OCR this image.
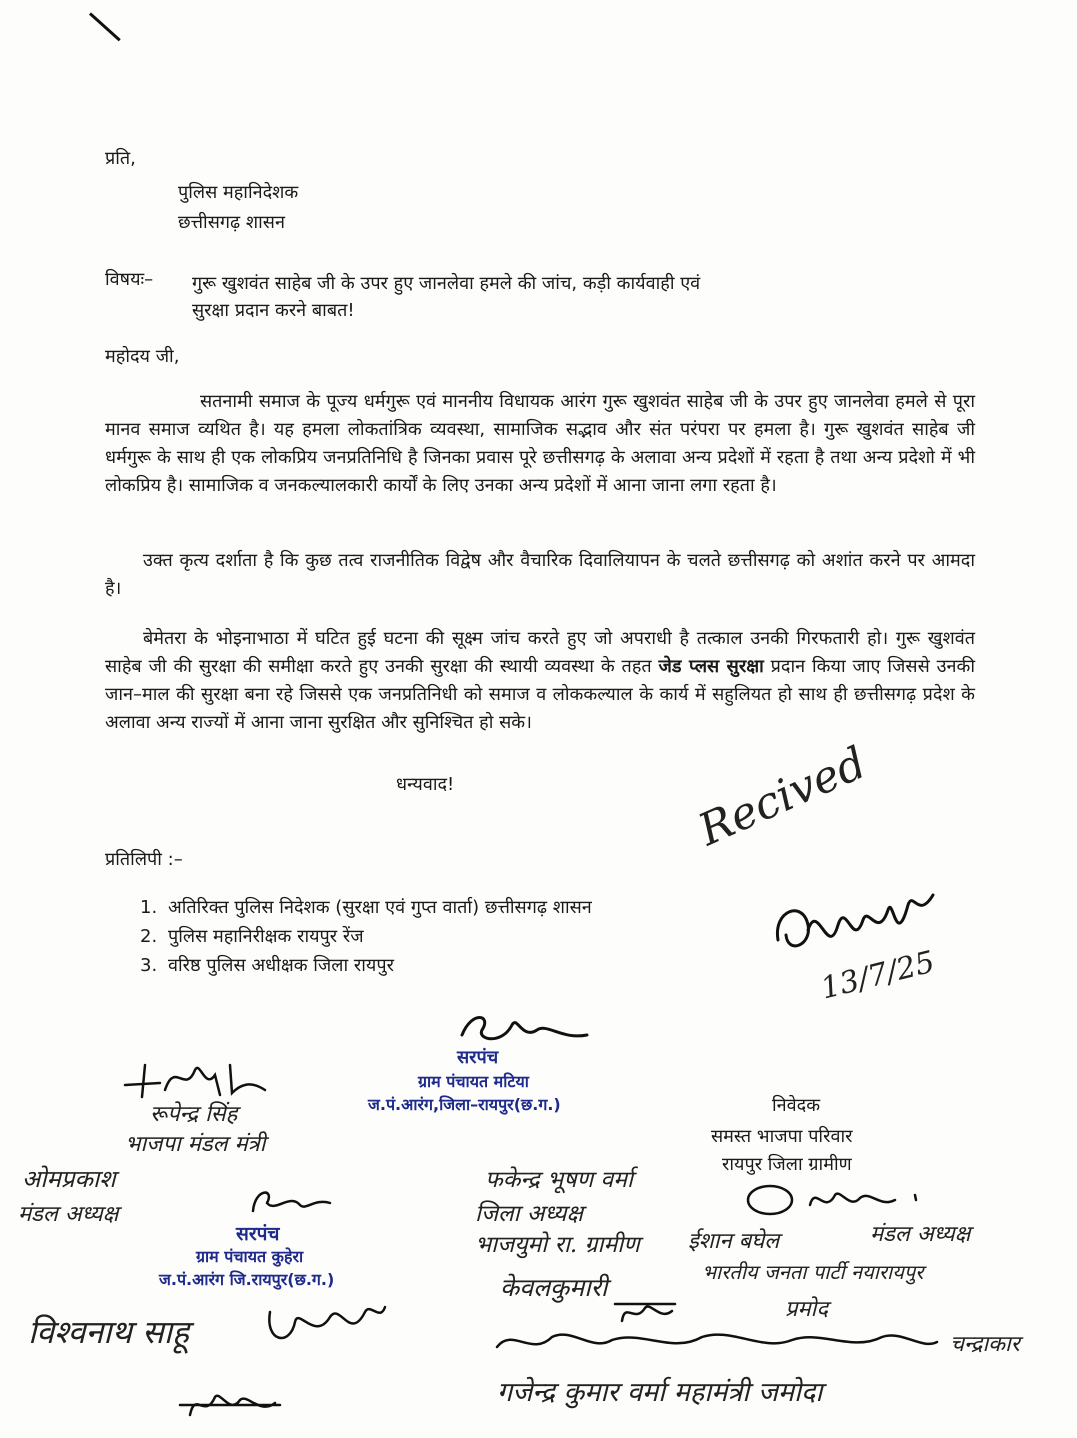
प्रति,
पुलिस महानिदेशक
छत्तीसगढ़ शासन
विषयः– गुरू खुशवंत साहेब जी के उपर हुए जानलेवा हमले की जांच, कड़ी कार्यवाही एवं
सुरक्षा प्रदान करने बाबत!
महोदय जी,
सतनामी समाज के पूज्य धर्मगुरू एवं माननीय विधायक आरंग गुरू खुशवंत साहेब जी के उपर हुए जानलेवा हमले से पूरा मानव समाज व्यथित है। यह हमला लोकतांत्रिक व्यवस्था, सामाजिक सद्भाव और संत परंपरा पर हमला है। गुरू खुशवंत साहेब जी धर्मगुरू के साथ ही एक लोकप्रिय जनप्रतिनिधि है जिनका प्रवास पूरे छत्तीसगढ़ के अलावा अन्य प्रदेशों में रहता है तथा अन्य प्रदेशो में भी लोकप्रिय है। सामाजिक व जनकल्यालकारी कार्यों के लिए उनका अन्य प्रदेशों में आना जाना लगा रहता है।
उक्त कृत्य दर्शाता है कि कुछ तत्व राजनीतिक विद्वेष और वैचारिक दिवालियापन के चलते छत्तीसगढ़ को अशांत करने पर आमदा है।
बेमेतरा के भोइनाभाठा में घटित हुई घटना की सूक्ष्म जांच करते हुए जो अपराधी है तत्काल उनकी गिरफतारी हो। गुरू खुशवंत साहेब जी की सुरक्षा की समीक्षा करते हुए उनकी सुरक्षा की स्थायी व्यवस्था के तहत जेड प्लस सुरक्षा प्रदान किया जाए जिससे उनकी जान–माल की सुरक्षा बना रहे जिससे एक जनप्रतिनिधी को समाज व लोककल्याल के कार्य में सहुलियत हो साथ ही छत्तीसगढ़ प्रदेश के अलावा अन्य राज्यों में आना जाना सुरक्षित और सुनिश्चित हो सके।
धन्यवाद!
प्रतिलिपी :–
1. अतिरिक्त पुलिस निदेशक (सुरक्षा एवं गुप्त वार्ता) छत्तीसगढ़ शासन
2. पुलिस महानिरीक्षक रायपुर रेंज
3. वरिष्ठ पुलिस अधीक्षक जिला रायपुर
Recived
13/7/25
सरपंच
ग्राम पंचायत मटिया
ज.पं.आरंग,जिला–रायपुर(छ.ग.)	निवेदक
समस्त भाजपा परिवार
रायपुर जिला ग्रामीण
रूपेन्द्र सिंह
भाजपा मंडल मंत्री
ओमप्रकाश
मंडल अध्यक्ष
सरपंच
ग्राम पंचायत कुहेरा
ज.पं.आरंग जि.रायपुर(छ.ग.)
विश्वनाथ साहू
फकेन्द्र भूषण वर्मा
जिला अध्यक्ष
भाजयुमो रा. ग्रामीण ईशान बघेल	मंडल अध्यक्ष
भारतीय जनता पार्टी नयारायपुर
केवलकुमारी
प्रमोद
चन्द्राकार
गजेन्द्र कुमार वर्मा महामंत्री जमोदा
